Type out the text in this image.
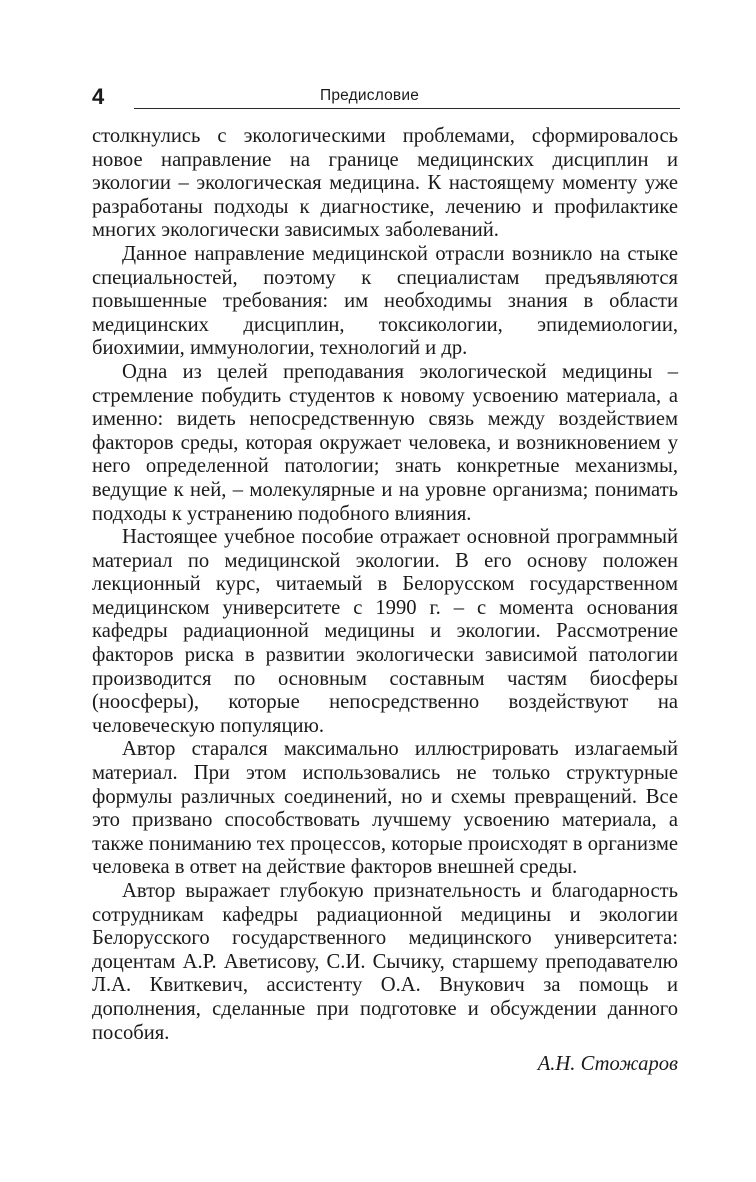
4	Предисловие

столкнулись с экологическими проблемами, сформировалось новое направление на границе медицинских дисциплин и экологии – экологическая медицина. К настоящему моменту уже разработаны подходы к диагностике, лечению и профилактике многих экологически зависимых заболеваний.

Данное направление медицинской отрасли возникло на стыке специальностей, поэтому к специалистам предъявляются повышенные требования: им необходимы знания в области медицинских дисциплин, токсикологии, эпидемиологии, биохимии, иммунологии, технологий и др.

Одна из целей преподавания экологической медицины – стремление побудить студентов к новому усвоению материала, а именно: видеть непосредственную связь между воздействием факторов среды, которая окружает человека, и возникновением у него определенной патологии; знать конкретные механизмы, ведущие к ней, – молекулярные и на уровне организма; понимать подходы к устранению подобного влияния.

Настоящее учебное пособие отражает основной программный материал по медицинской экологии. В его основу положен лекционный курс, читаемый в Белорусском государственном медицинском университете с 1990 г. – с момента основания кафедры радиационной медицины и экологии. Рассмотрение факторов риска в развитии экологически зависимой патологии производится по основным составным частям биосферы (ноосферы), которые непосредственно воздействуют на человеческую популяцию.

Автор старался максимально иллюстрировать излагаемый материал. При этом использовались не только структурные формулы различных соединений, но и схемы превращений. Все это призвано способствовать лучшему усвоению материала, а также пониманию тех процессов, которые происходят в организме человека в ответ на действие факторов внешней среды.

Автор выражает глубокую признательность и благодарность сотрудникам кафедры радиационной медицины и экологии Белорусского государственного медицинского университета: доцентам А.Р. Аветисову, С.И. Сычику, старшему преподавателю Л.А. Квиткевич, ассистенту О.А. Внукович за помощь и дополнения, сделанные при подготовке и обсуждении данного пособия.

А.Н. Стожаров
